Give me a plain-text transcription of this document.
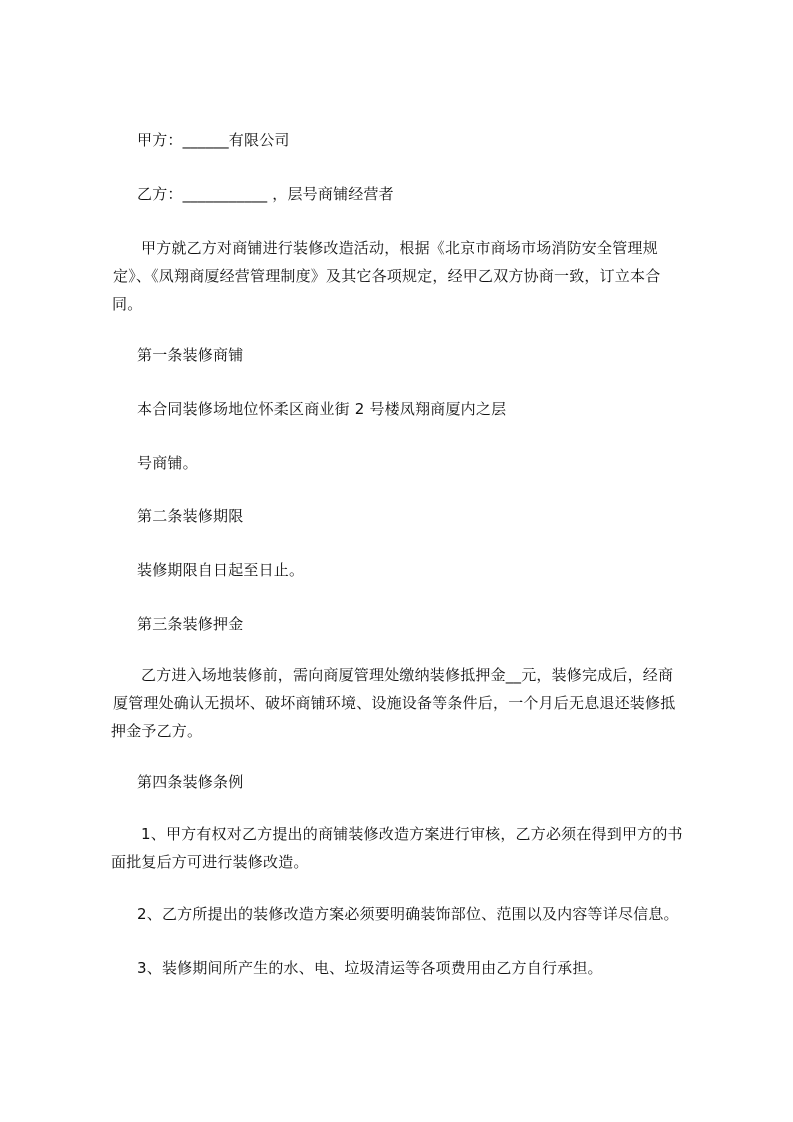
甲方：______有限公司
乙方：___________ ，层号商铺经营者
甲方就乙方对商铺进行装修改造活动，根据《北京市商场市场消防安全管理规
定》、《凤翔商厦经营管理制度》及其它各项规定，经甲乙双方协商一致，订立本合
同。
第一条装修商铺
本合同装修场地位怀柔区商业街 2 号楼凤翔商厦内之层
号商铺。
第二条装修期限
装修期限自日起至日止。
第三条装修押金
乙方进入场地装修前，需向商厦管理处缴纳装修抵押金__元，装修完成后，经商
厦管理处确认无损坏、破坏商铺环境、设施设备等条件后，一个月后无息退还装修抵
押金予乙方。
第四条装修条例
1、甲方有权对乙方提出的商铺装修改造方案进行审核，乙方必须在得到甲方的书
面批复后方可进行装修改造。
2、乙方所提出的装修改造方案必须要明确装饰部位、范围以及内容等详尽信息。
3、装修期间所产生的水、电、垃圾清运等各项费用由乙方自行承担。
